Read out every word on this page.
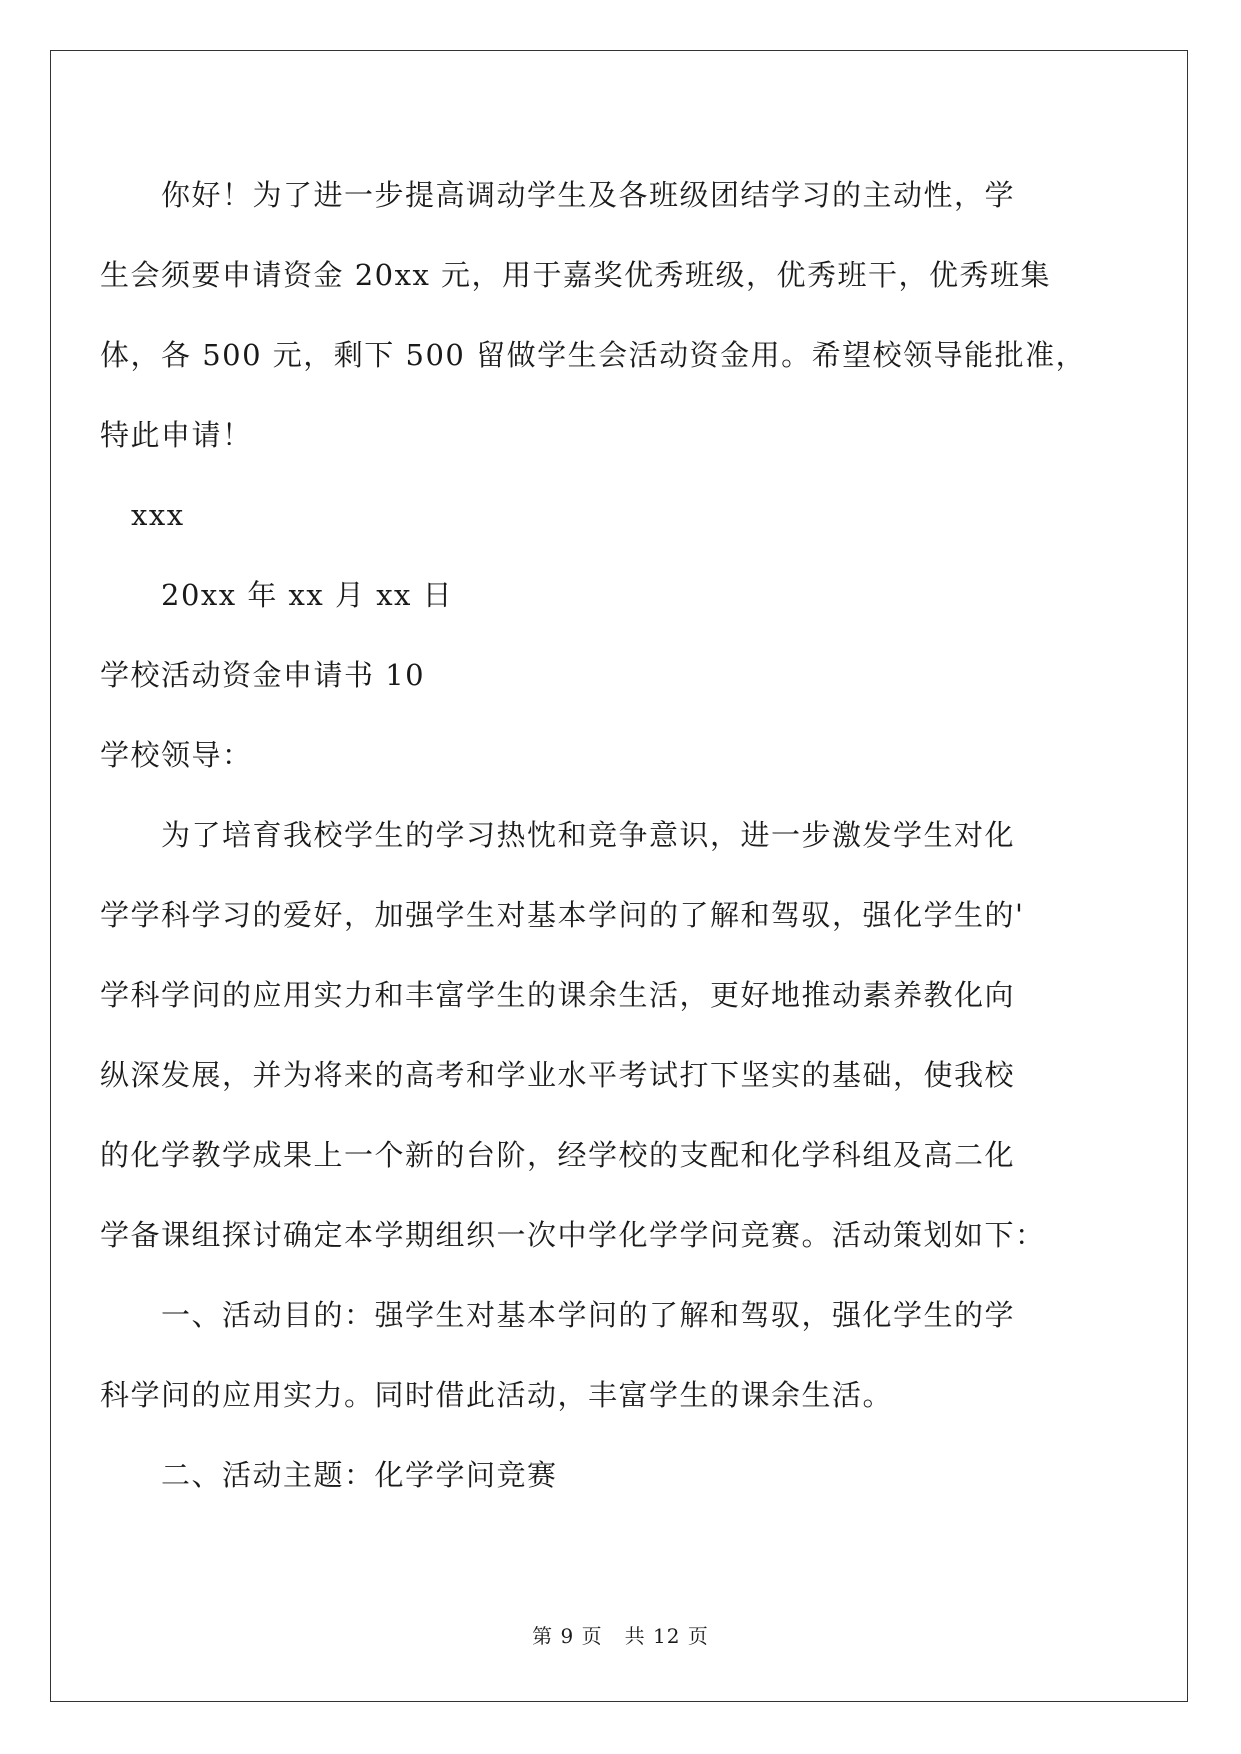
你好！为了进一步提高调动学生及各班级团结学习的主动性，学
生会须要申请资金 20xx 元，用于嘉奖优秀班级，优秀班干，优秀班集
体，各 500 元，剩下 500 留做学生会活动资金用。希望校领导能批准，
特此申请！
xxx
20xx 年 xx 月 xx 日
学校活动资金申请书 10
学校领导：
为了培育我校学生的学习热忱和竞争意识，进一步激发学生对化
学学科学习的爱好，加强学生对基本学问的了解和驾驭，强化学生的'
学科学问的应用实力和丰富学生的课余生活，更好地推动素养教化向
纵深发展，并为将来的高考和学业水平考试打下坚实的基础，使我校
的化学教学成果上一个新的台阶，经学校的支配和化学科组及高二化
学备课组探讨确定本学期组织一次中学化学学问竞赛。活动策划如下：
一、活动目的：强学生对基本学问的了解和驾驭，强化学生的学
科学问的应用实力。同时借此活动，丰富学生的课余生活。
二、活动主题：化学学问竞赛
第 9 页   共 12 页
